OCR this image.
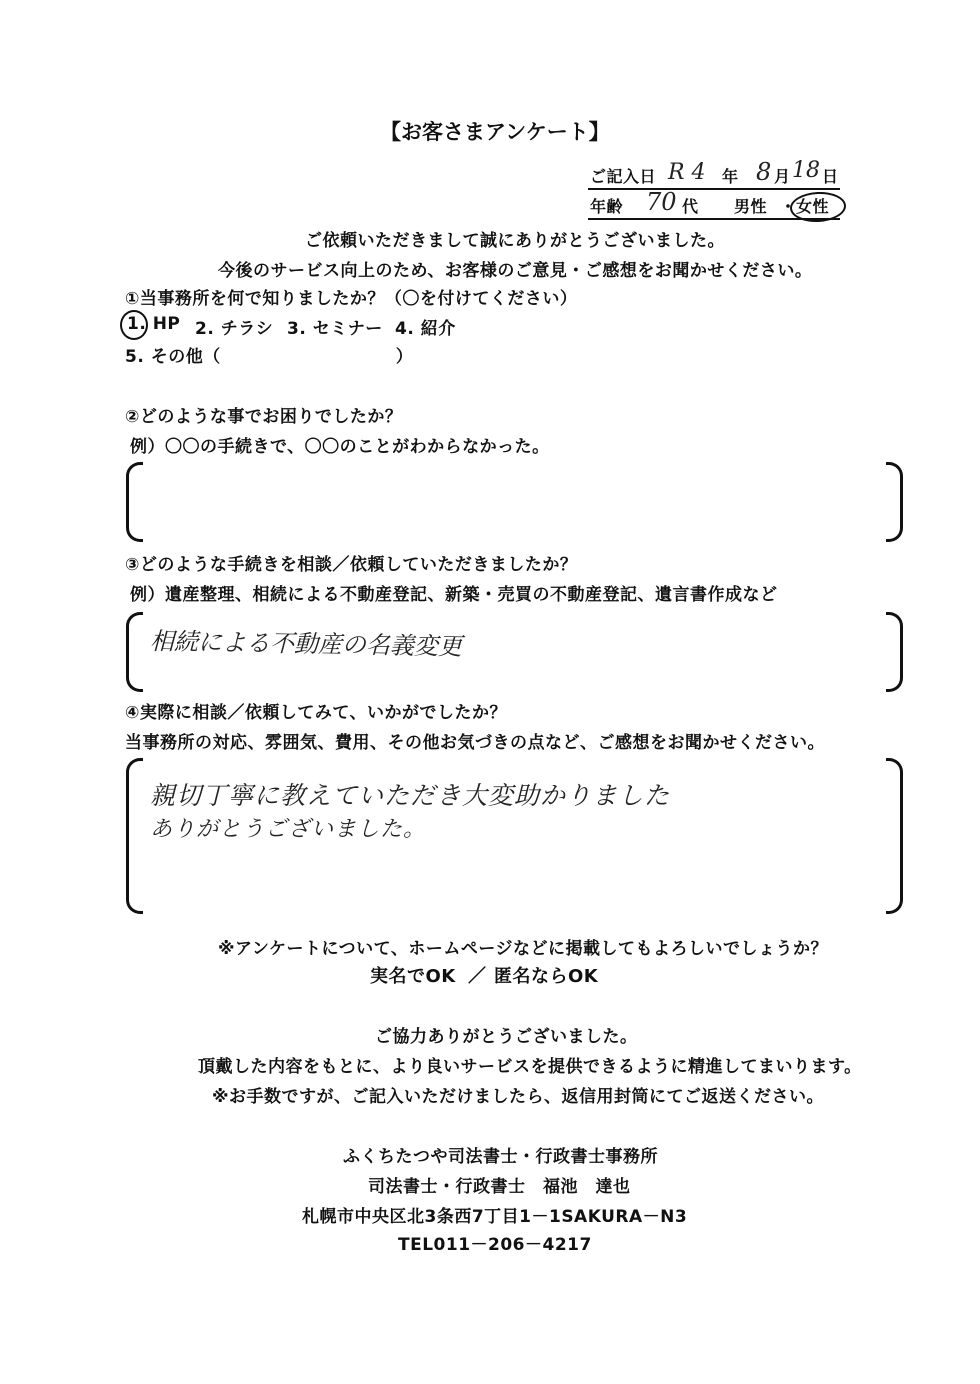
【お客さまアンケート】
ご記入日 R 4 年 8 月 18 日
年齢 70 代 男性 ・ 女性
ご依頼いただきまして誠にありがとうございました。
今後のサービス向上のため、お客様のご意見・ご感想をお聞かせください。
①当事務所を何で知りましたか？（〇を付けてください）
1. HP 2. チラシ 3. セミナー 4. 紹介
5. その他（　　　　　　　　　　）
②どのような事でお困りでしたか？
例）〇〇の手続きで、〇〇のことがわからなかった。
③どのような手続きを相談／依頼していただきましたか？
例）遺産整理、相続による不動産登記、新築・売買の不動産登記、遺言書作成など
相続による不動産の名義変更
④実際に相談／依頼してみて、いかがでしたか？
当事務所の対応、雰囲気、費用、その他お気づきの点など、ご感想をお聞かせください。
親切丁寧に教えていただき大変助かりました
ありがとうございました。
※アンケートについて、ホームページなどに掲載してもよろしいでしょうか？
実名でOK ／ 匿名ならOK
ご協力ありがとうございました。
頂戴した内容をもとに、より良いサービスを提供できるように精進してまいります。
※お手数ですが、ご記入いただけましたら、返信用封筒にてご返送ください。
ふくちたつや司法書士・行政書士事務所
司法書士・行政書士　福池　達也
札幌市中央区北3条西7丁目1－1SAKURA－N3
TEL011－206－4217
